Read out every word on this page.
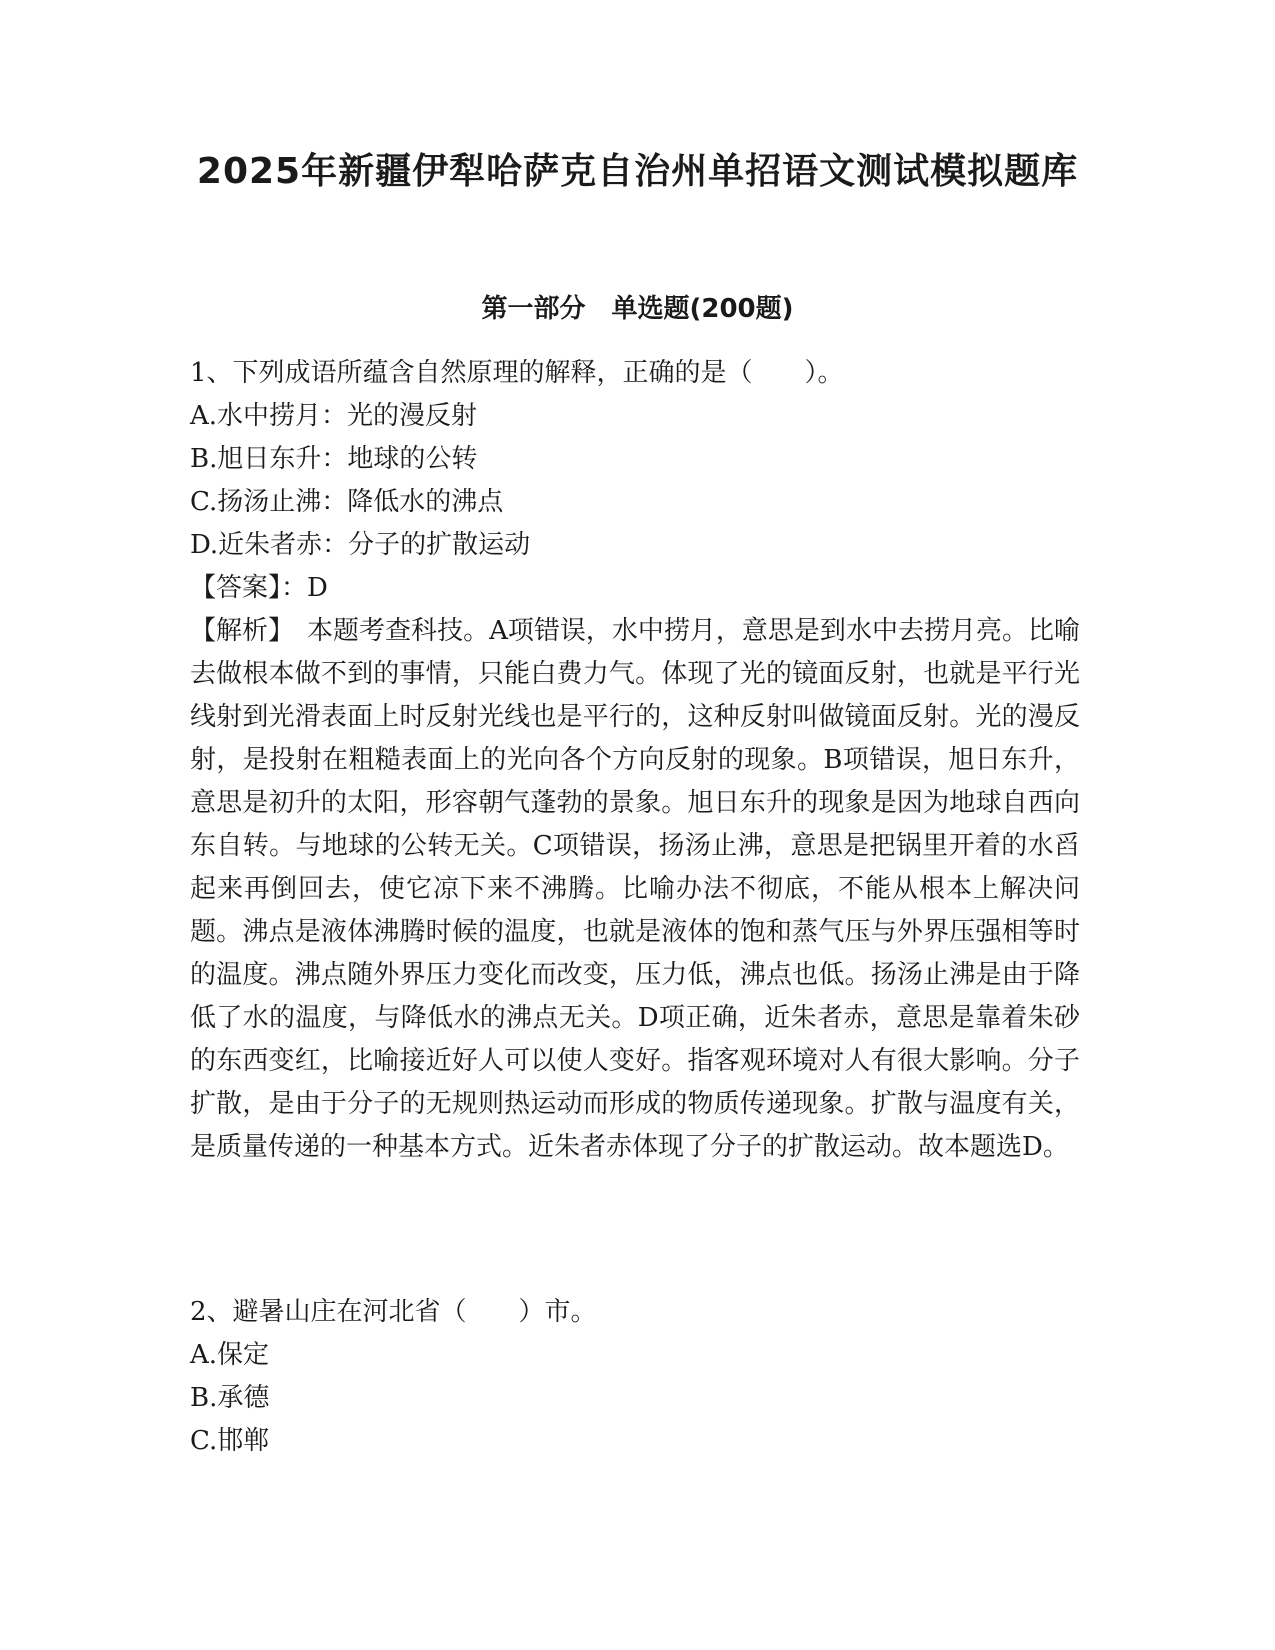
2025年新疆伊犁哈萨克自治州单招语文测试模拟题库
第一部分　单选题(200题)
1、下列成语所蕴含自然原理的解释，正确的是（　　）。
A.水中捞月：光的漫反射
B.旭日东升：地球的公转
C.扬汤止沸：降低水的沸点
D.近朱者赤：分子的扩散运动
【答案】：D

【解析】　本题考查科技。A项错误，水中捞月，意思是到水中去捞月亮。比喻去做根本做不到的事情，只能白费力气。体现了光的镜面反射，也就是平行光线射到光滑表面上时反射光线也是平行的，这种反射叫做镜面反射。光的漫反射，是投射在粗糙表面上的光向各个方向反射的现象。B项错误，旭日东升，意思是初升的太阳，形容朝气蓬勃的景象。旭日东升的现象是因为地球自西向东自转。与地球的公转无关。C项错误，扬汤止沸，意思是把锅里开着的水舀起来再倒回去，使它凉下来不沸腾。比喻办法不彻底，不能从根本上解决问题。沸点是液体沸腾时候的温度，也就是液体的饱和蒸气压与外界压强相等时的温度。沸点随外界压力变化而改变，压力低，沸点也低。扬汤止沸是由于降低了水的温度，与降低水的沸点无关。D项正确，近朱者赤，意思是靠着朱砂的东西变红，比喻接近好人可以使人变好。指客观环境对人有很大影响。分子扩散，是由于分子的无规则热运动而形成的物质传递现象。扩散与温度有关，是质量传递的一种基本方式。近朱者赤体现了分子的扩散运动。故本题选D。

2、避暑山庄在河北省（　　）市。
A.保定
B.承德
C.邯郸
